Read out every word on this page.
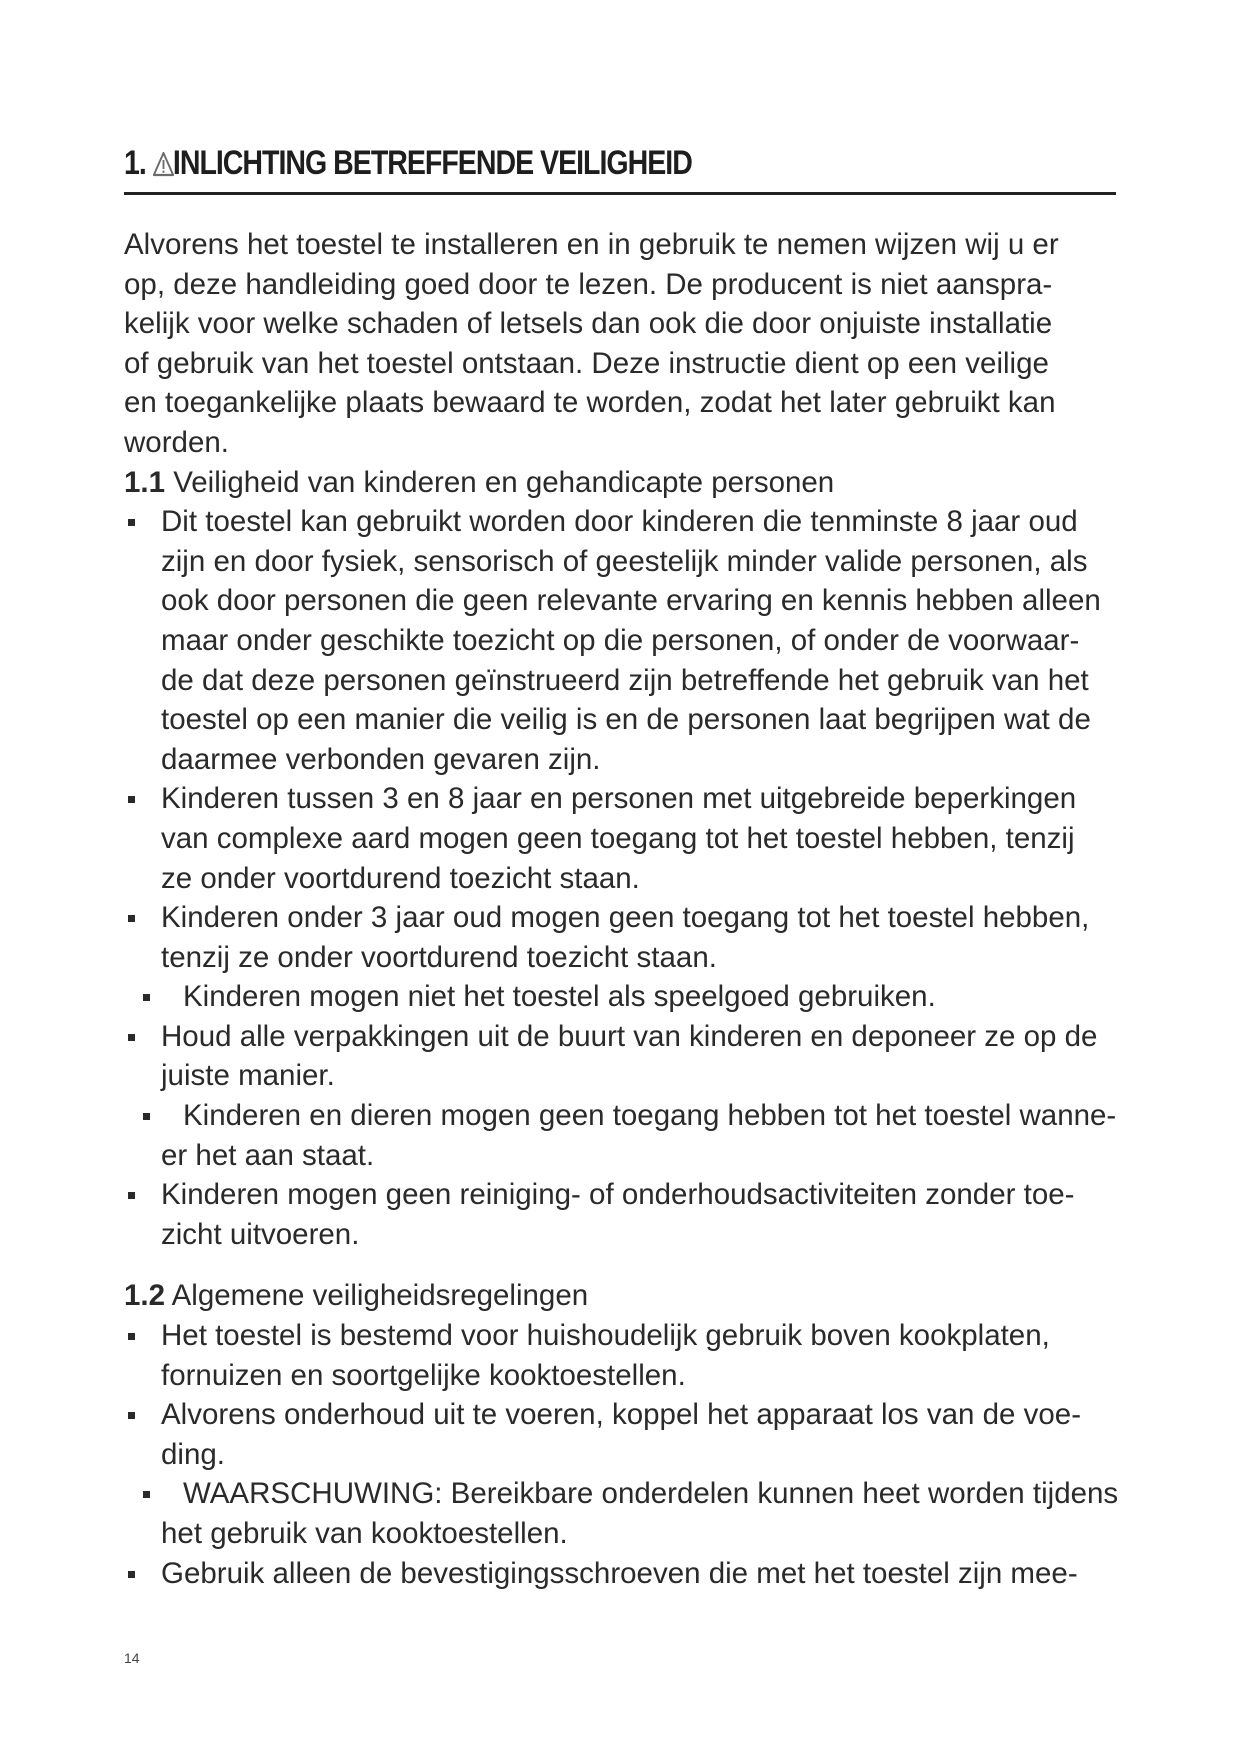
1. INLICHTING BETREFFENDE VEILIGHEID
Alvorens het toestel te installeren en in gebruik te nemen wijzen wij u er
op, deze handleiding goed door te lezen. De producent is niet aanspra-
kelijk voor welke schaden of letsels dan ook die door onjuiste installatie
of gebruik van het toestel ontstaan. Deze instructie dient op een veilige
en toegankelijke plaats bewaard te worden, zodat het later gebruikt kan
worden.
1.1 Veiligheid van kinderen en gehandicapte personen
Dit toestel kan gebruikt worden door kinderen die tenminste 8 jaar oud
zijn en door fysiek, sensorisch of geestelijk minder valide personen, als
ook door personen die geen relevante ervaring en kennis hebben alleen
maar onder geschikte toezicht op die personen, of onder de voorwaar-
de dat deze personen geïnstrueerd zijn betreffende het gebruik van het
toestel op een manier die veilig is en de personen laat begrijpen wat de
daarmee verbonden gevaren zijn.
Kinderen tussen 3 en 8 jaar en personen met uitgebreide beperkingen
van complexe aard mogen geen toegang tot het toestel hebben, tenzij
ze onder voortdurend toezicht staan.
Kinderen onder 3 jaar oud mogen geen toegang tot het toestel hebben,
tenzij ze onder voortdurend toezicht staan.
Kinderen mogen niet het toestel als speelgoed gebruiken.
Houd alle verpakkingen uit de buurt van kinderen en deponeer ze op de
juiste manier.
Kinderen en dieren mogen geen toegang hebben tot het toestel wanne-
er het aan staat.
Kinderen mogen geen reiniging- of onderhoudsactiviteiten zonder toe-
zicht uitvoeren.
1.2 Algemene veiligheidsregelingen
Het toestel is bestemd voor huishoudelijk gebruik boven kookplaten,
fornuizen en soortgelijke kooktoestellen.
Alvorens onderhoud uit te voeren, koppel het apparaat los van de voe-
ding.
WAARSCHUWING: Bereikbare onderdelen kunnen heet worden tijdens
het gebruik van kooktoestellen.
Gebruik alleen de bevestigingsschroeven die met het toestel zijn mee-
14
